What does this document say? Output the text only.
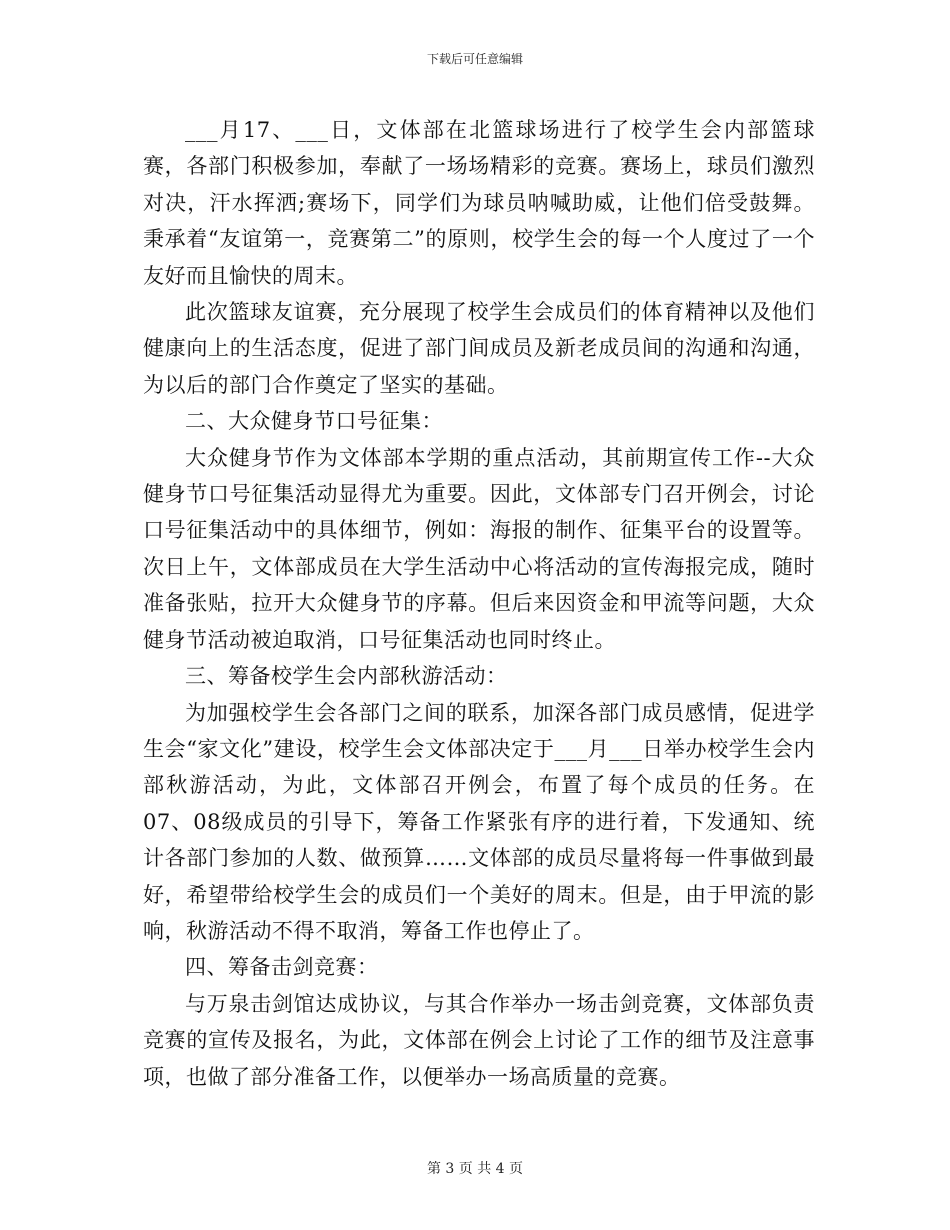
下载后可任意编辑

___月17、___日，文体部在北篮球场进行了校学生会内部篮球赛，各部门积极参加，奉献了一场场精彩的竞赛。赛场上，球员们激烈对决，汗水挥洒;赛场下，同学们为球员呐喊助威，让他们倍受鼓舞。秉承着“友谊第一，竞赛第二”的原则，校学生会的每一个人度过了一个友好而且愉快的周末。

此次篮球友谊赛，充分展现了校学生会成员们的体育精神以及他们健康向上的生活态度，促进了部门间成员及新老成员间的沟通和沟通，为以后的部门合作奠定了坚实的基础。

二、大众健身节口号征集：

大众健身节作为文体部本学期的重点活动，其前期宣传工作--大众健身节口号征集活动显得尤为重要。因此，文体部专门召开例会，讨论口号征集活动中的具体细节，例如：海报的制作、征集平台的设置等。次日上午，文体部成员在大学生活动中心将活动的宣传海报完成，随时准备张贴，拉开大众健身节的序幕。但后来因资金和甲流等问题，大众健身节活动被迫取消，口号征集活动也同时终止。

三、筹备校学生会内部秋游活动：

为加强校学生会各部门之间的联系，加深各部门成员感情，促进学生会“家文化”建设，校学生会文体部决定于___月___日举办校学生会内部秋游活动，为此，文体部召开例会，布置了每个成员的任务。在07、08级成员的引导下，筹备工作紧张有序的进行着，下发通知、统计各部门参加的人数、做预算……文体部的成员尽量将每一件事做到最好，希望带给校学生会的成员们一个美好的周末。但是，由于甲流的影响，秋游活动不得不取消，筹备工作也停止了。

四、筹备击剑竞赛：

与万泉击剑馆达成协议，与其合作举办一场击剑竞赛，文体部负责竞赛的宣传及报名，为此，文体部在例会上讨论了工作的细节及注意事项，也做了部分准备工作，以便举办一场高质量的竞赛。

第 3 页 共 4 页
